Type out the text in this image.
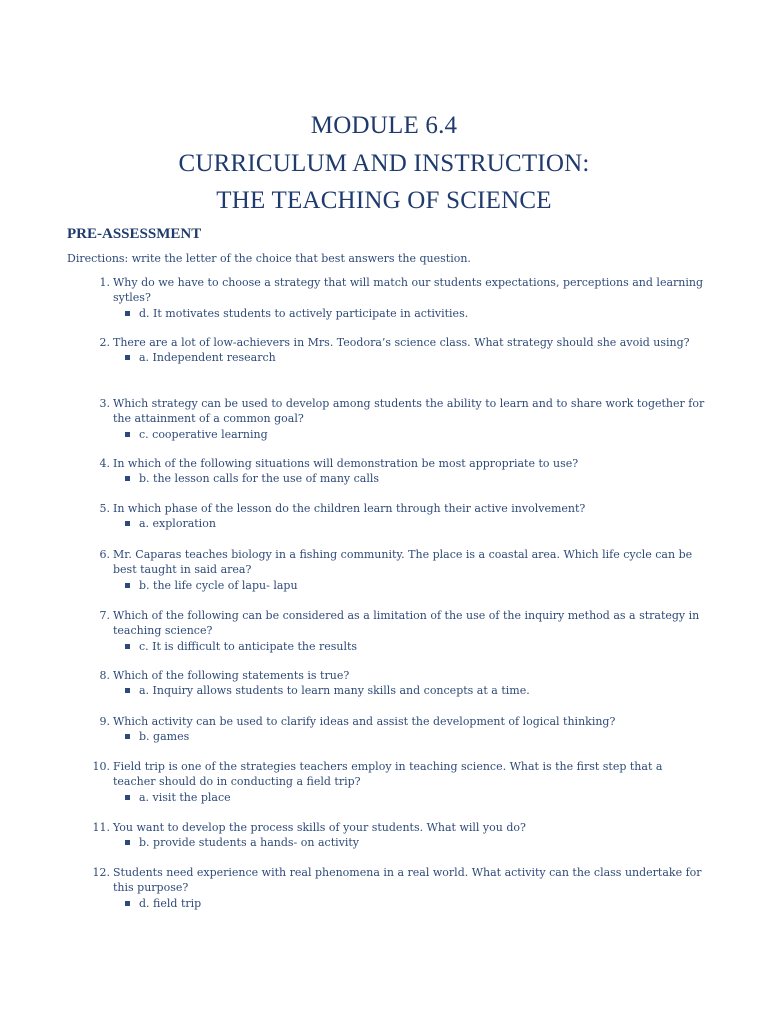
MODULE 6.4
CURRICULUM AND INSTRUCTION:
THE TEACHING OF SCIENCE
PRE-ASSESSMENT
Directions: write the letter of the choice that best answers the question.
1. Why do we have to choose a strategy that will match our students expectations, perceptions and learning sytles?
d. It motivates students to actively participate in activities.
2. There are a lot of low-achievers in Mrs. Teodora’s science class. What strategy should she avoid using?
a. Independent research
3. Which strategy can be used to develop among students the ability to learn and to share work together for the attainment of a common goal?
c. cooperative learning
4. In which of the following situations will demonstration be most appropriate to use?
b. the lesson calls for the use of many calls
5. In which phase of the lesson do the children learn through their active involvement?
a. exploration
6. Mr. Caparas teaches biology in a fishing community. The place is a coastal area. Which life cycle can be best taught in said area?
b. the life cycle of lapu- lapu
7. Which of the following can be considered as a limitation of the use of the inquiry method as a strategy in teaching science?
c. It is difficult to anticipate the results
8. Which of the following statements is true?
a. Inquiry allows students to learn many skills and concepts at a time.
9. Which activity can be used to clarify ideas and assist the development of logical thinking?
b. games
10. Field trip is one of the strategies teachers employ in teaching science. What is the first step that a teacher should do in conducting a field trip?
a. visit the place
11. You want to develop the process skills of your students. What will you do?
b. provide students a hands- on activity
12. Students need experience with real phenomena in a real world. What activity can the class undertake for this purpose?
d. field trip
